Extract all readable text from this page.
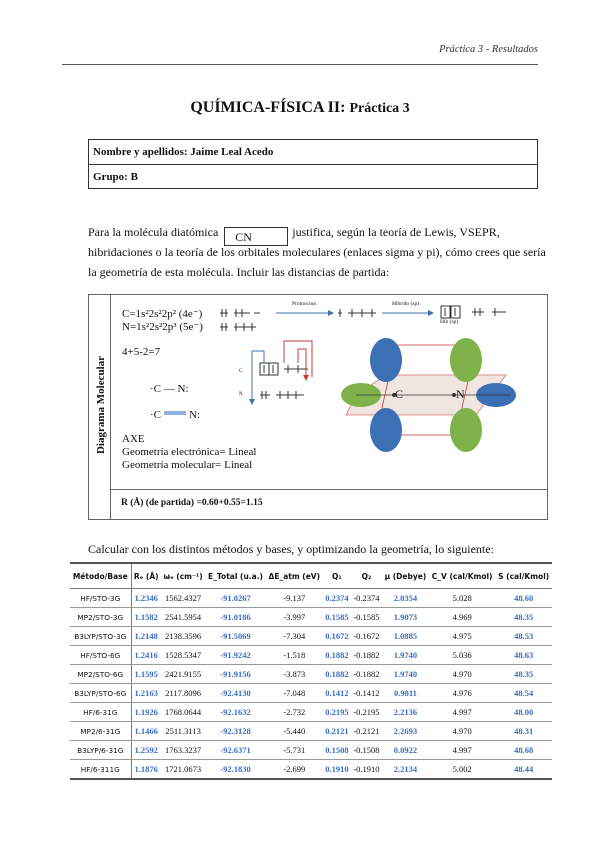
Práctica 3 - Resultados
QUÍMICA-FÍSICA II: Práctica 3
Nombre y apellidos: Jaime Leal Acedo
Grupo: B
Para la molécula diatómica CN	justifica, según la teoría de Lewis, VSEPR,
hibridaciones o la teoría de los orbitales moleculares (enlaces sigma y pi), cómo crees que sería
la geometría de esta molécula. Incluir las distancias de partida:
Diagrama Molecular
C=1s²2s²2p² (4e⁻)
N=1s²2s²2p³ (5e⁻)
Promocion	Hibrido (sp)
Hib (sp)
4+5-2=7
C
N
·C — N:
·C	N:
C	N
AXE
Geometría electrónica= Lineal
Geometría molecular= Lineal
R (Å) (de partida) =0.60+0.55=1.15
Calcular con los distintos métodos y bases, y optimizando la geometría, lo siguiente:
Método/Base	Rₑ (Å)	ωₑ (cm⁻¹)	E_Total (u.a.)	ΔE_atm (eV)	Q₁	Q₂	μ (Debye)	C_V (cal/Kmol)	S (cal/Kmol)
HF/STO-3G	1.2346	1562.4327	-91.0267	-9.137	0.2374	-0.2374	2.0354	5.028	48.60
MP2/STO-3G	1.1582	2541.5954	-91.0186	-3.997	0.1585	-0.1585	1.9073	4.969	48.35
B3LYP/STO-3G	1.2148	2138.3596	-91.5069	-7.304	0.1672	-0.1672	1.0885	4.975	48.53
HF/STO-6G	1.2416	1528.5347	-91.9242	-1.518	0.1882	-0.1882	1.9740	5.036	48.63
MP2/STO-6G	1.1595	2421.9155	-91.9156	-3.873	0.1882	-0.1882	1.9740	4.970	48.35
B3LYP/STO-6G	1.2163	2117.8096	-92.4130	-7.048	0.1412	-0.1412	0.9811	4.976	48.54
HF/6-31G	1.1926	1768.0644	-92.1632	-2.732	0.2195	-0.2195	2.2136	4.997	48.00
MP2/6-31G	1.1466	2511.3113	-92.3128	-5.440	0.2121	-0.2121	2.2693	4.970	48.31
B3LYP/6-31G	1.2592	1763.3237	-92.6371	-5.731	0.1508	-0.1508	0.0922	4.997	48.68
HF/6-311G	1.1876	1721.0673	-92.1830	-2.699	0.1910	-0.1910	2.2134	5.002	48.44
